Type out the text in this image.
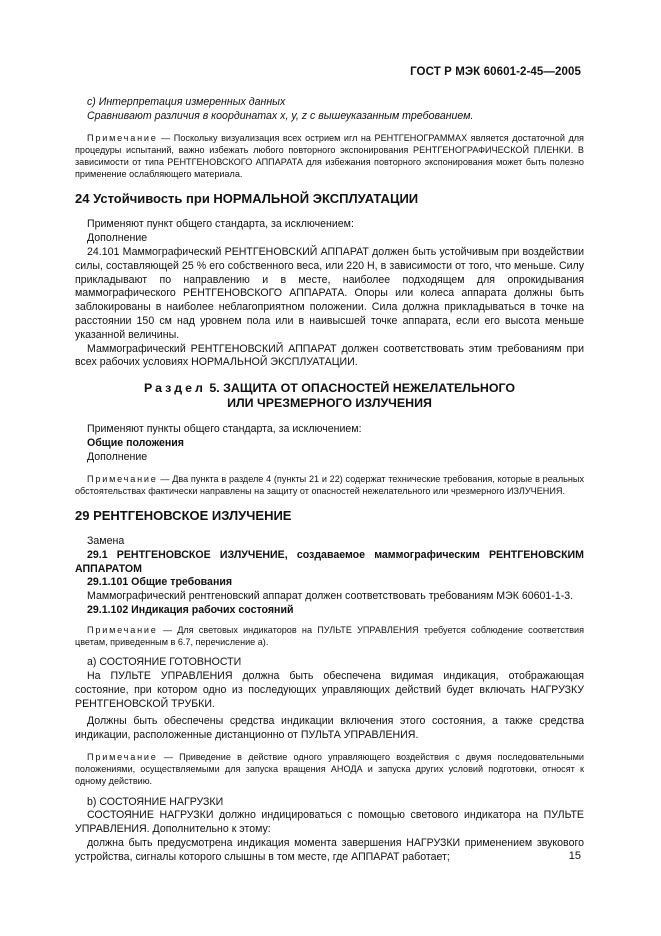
ГОСТ Р МЭК 60601-2-45—2005

c) Интерпретация измеренных данных

Сравнивают различия в координатах x, y, z с вышеуказанным требованием.

Примечание — Поскольку визуализация всех острием игл на РЕНТГЕНОГРАММАХ является достаточной для процедуры испытаний, важно избежать любого повторного экспонирования РЕНТГЕНОГРАФИЧЕСКОЙ ПЛЕНКИ. В зависимости от типа РЕНТГЕНОВСКОГО АППАРАТА для избежания повторного экспонирования может быть полезно применение ослабляющего материала.

24 Устойчивость при НОРМАЛЬНОЙ ЭКСПЛУАТАЦИИ

Применяют пункт общего стандарта, за исключением:

Дополнение

24.101 Маммографический РЕНТГЕНОВСКИЙ АППАРАТ должен быть устойчивым при воздействии силы, составляющей 25 % его собственного веса, или 220 Н, в зависимости от того, что меньше. Силу прикладывают по направлению и в месте, наиболее подходящем для опрокидывания маммографического РЕНТГЕНОВСКОГО АППАРАТА. Опоры или колеса аппарата должны быть заблокированы в наиболее неблагоприятном положении. Сила должна прикладываться в точке на расстоянии 150 см над уровнем пола или в наивысшей точке аппарата, если его высота меньше указанной величины.

Маммографический РЕНТГЕНОВСКИЙ АППАРАТ должен соответствовать этим требованиям при всех рабочих условиях НОРМАЛЬНОЙ ЭКСПЛУАТАЦИИ.

Раздел 5. ЗАЩИТА ОТ ОПАСНОСТЕЙ НЕЖЕЛАТЕЛЬНОГО
ИЛИ ЧРЕЗМЕРНОГО ИЗЛУЧЕНИЯ

Применяют пункты общего стандарта, за исключением:

Общие положения

Дополнение

Примечание — Два пункта в разделе 4 (пункты 21 и 22) содержат технические требования, которые в реальных обстоятельствах фактически направлены на защиту от опасностей нежелательного или чрезмерного ИЗЛУЧЕНИЯ.

29 РЕНТГЕНОВСКОЕ ИЗЛУЧЕНИЕ

Замена

29.1 РЕНТГЕНОВСКОЕ ИЗЛУЧЕНИЕ, создаваемое маммографическим РЕНТГЕНОВСКИМ АППАРАТОМ

29.1.101 Общие требования

Маммографический рентгеновский аппарат должен соответствовать требованиям МЭК 60601-1-3.

29.1.102 Индикация рабочих состояний

Примечание — Для световых индикаторов на ПУЛЬТЕ УПРАВЛЕНИЯ требуется соблюдение соответствия цветам, приведенным в 6.7, перечисление a).

a) СОСТОЯНИЕ ГОТОВНОСТИ

На ПУЛЬТЕ УПРАВЛЕНИЯ должна быть обеспечена видимая индикация, отображающая состояние, при котором одно из последующих управляющих действий будет включать НАГРУЗКУ РЕНТГЕНОВСКОЙ ТРУБКИ.

Должны быть обеспечены средства индикации включения этого состояния, а также средства индикации, расположенные дистанционно от ПУЛЬТА УПРАВЛЕНИЯ.

Примечание — Приведение в действие одного управляющего воздействия с двумя последовательными положениями, осуществляемыми для запуска вращения АНОДА и запуска других условий подготовки, относят к одному действию.

b) СОСТОЯНИЕ НАГРУЗКИ

СОСТОЯНИЕ НАГРУЗКИ должно индицироваться с помощью светового индикатора на ПУЛЬТЕ УПРАВЛЕНИЯ. Дополнительно к этому:

должна быть предусмотрена индикация момента завершения НАГРУЗКИ применением звукового устройства, сигналы которого слышны в том месте, где АППАРАТ работает;	15
